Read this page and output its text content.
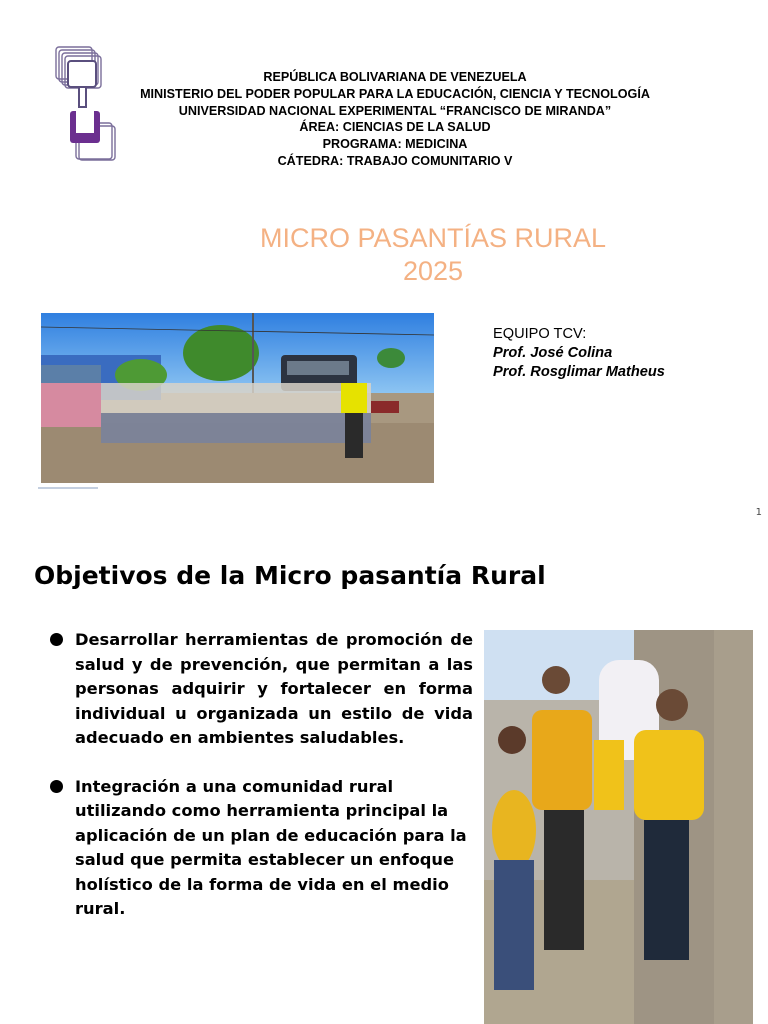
REPÚBLICA BOLIVARIANA DE VENEZUELA
MINISTERIO DEL PODER POPULAR PARA LA EDUCACIÓN, CIENCIA Y TECNOLOGÍA
UNIVERSIDAD NACIONAL EXPERIMENTAL “FRANCISCO DE MIRANDA”
ÁREA: CIENCIAS DE LA SALUD
PROGRAMA: MEDICINA
CÁTEDRA: TRABAJO COMUNITARIO V
MICRO PASANTÍAS RURAL
2025
EQUIPO TCV:
Prof. José Colina
Prof. Rosglimar Matheus
1
Objetivos de la Micro pasantía Rural
Desarrollar herramientas de promoción de salud y de prevención, que permitan a las personas adquirir y fortalecer en forma individual u organizada un estilo de vida adecuado en ambientes saludables.
Integración a una comunidad rural utilizando como herramienta principal la aplicación de un plan de educación para la salud que permita establecer un enfoque holístico de la forma de vida en el medio rural.
